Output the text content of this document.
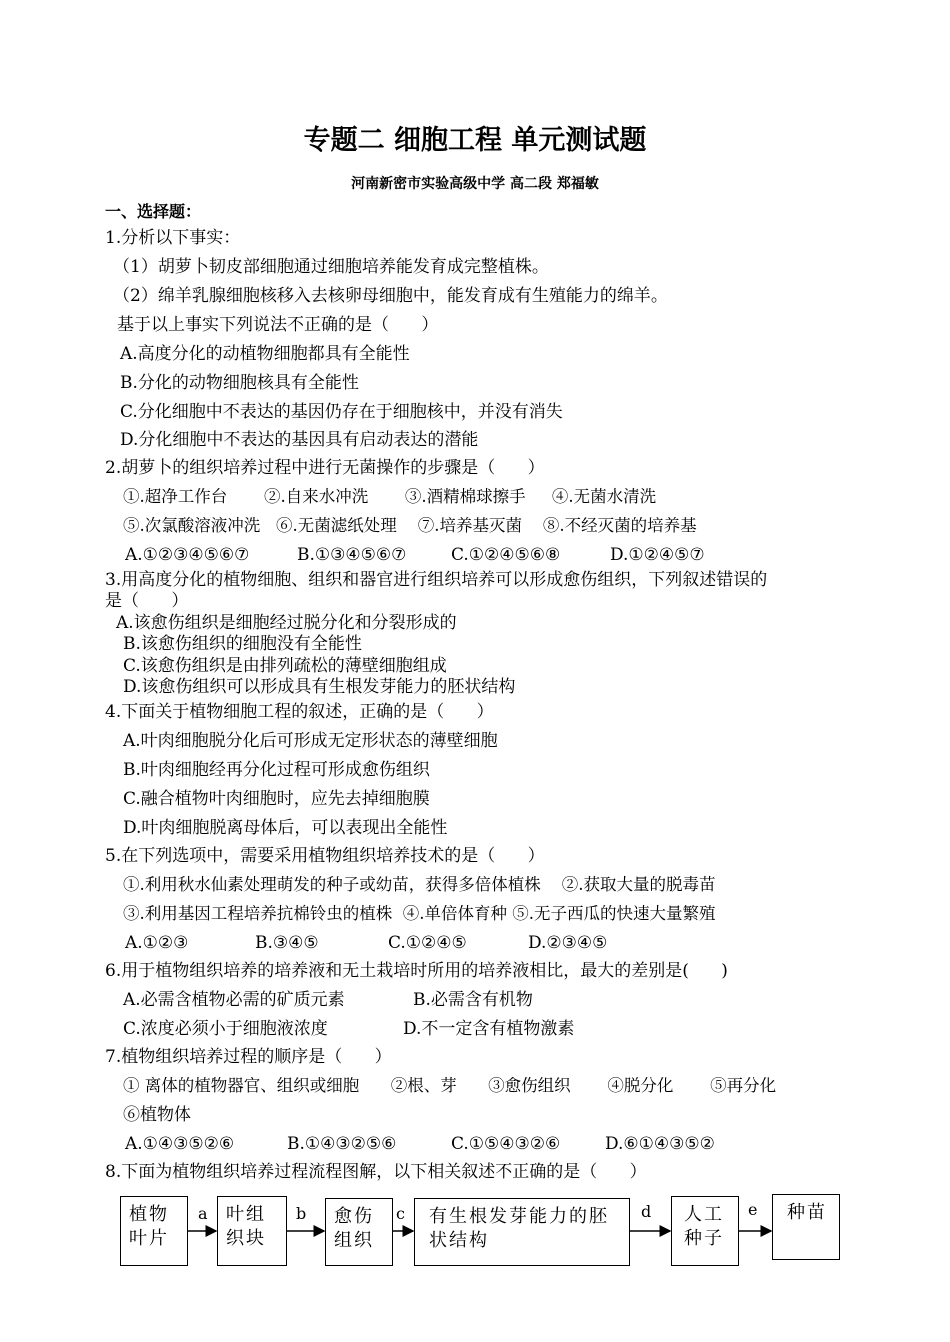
专题二 细胞工程 单元测试题
河南新密市实验高级中学 高二段 郑福敏
一、选择题：
1.分析以下事实：
（1）胡萝卜韧皮部细胞通过细胞培养能发育成完整植株。
（2）绵羊乳腺细胞核移入去核卵母细胞中，能发育成有生殖能力的绵羊。
基于以上事实下列说法不正确的是（      ）
A.高度分化的动植物细胞都具有全能性
B.分化的动物细胞核具有全能性
C.分化细胞中不表达的基因仍存在于细胞核中，并没有消失
D.分化细胞中不表达的基因具有启动表达的潜能
2.胡萝卜的组织培养过程中进行无菌操作的步骤是（      ）
①.超净工作台       ②.自来水冲洗       ③.酒精棉球擦手     ④.无菌水清洗
⑤.次氯酸溶液冲洗   ⑥.无菌滤纸处理    ⑦.培养基灭菌    ⑧.不经灭菌的培养基
A.①②③④⑤⑥⑦	B.①③④⑤⑥⑦	C.①②④⑤⑥⑧	D.①②④⑤⑦
3.用高度分化的植物细胞、组织和器官进行组织培养可以形成愈伤组织，下列叙述错误的
是（      ）
A.该愈伤组织是细胞经过脱分化和分裂形成的
B.该愈伤组织的细胞没有全能性
C.该愈伤组织是由排列疏松的薄壁细胞组成
D.该愈伤组织可以形成具有生根发芽能力的胚状结构
4.下面关于植物细胞工程的叙述，正确的是（      ）
A.叶肉细胞脱分化后可形成无定形状态的薄壁细胞
B.叶肉细胞经再分化过程可形成愈伤组织
C.融合植物叶肉细胞时，应先去掉细胞膜
D.叶肉细胞脱离母体后，可以表现出全能性
5.在下列选项中，需要采用植物组织培养技术的是（      ）
①.利用秋水仙素处理萌发的种子或幼苗，获得多倍体植株    ②.获取大量的脱毒苗
③.利用基因工程培养抗棉铃虫的植株  ④.单倍体育种 ⑤.无子西瓜的快速大量繁殖
A.①②③	B.③④⑤	C.①②④⑤	D.②③④⑤
6.用于植物组织培养的培养液和无土栽培时所用的培养液相比，最大的差别是(      )
A.必需含植物必需的矿质元素	B.必需含有机物
C.浓度必须小于细胞液浓度	D.不一定含有植物激素
7.植物组织培养过程的顺序是（      ）
① 离体的植物器官、组织或细胞      ②根、芽      ③愈伤组织       ④脱分化       ⑤再分化
⑥植物体
A.①④③⑤②⑥	B.①④③②⑤⑥	C.①⑤④③②⑥	D.⑥①④③⑤②
8.下面为植物组织培养过程流程图解，以下相关叙述不正确的是（      ）
植物叶片
叶组织块
愈伤组织
有生根发芽能力的胚状结构
人工种子
种苗
a	b	c	d	e
